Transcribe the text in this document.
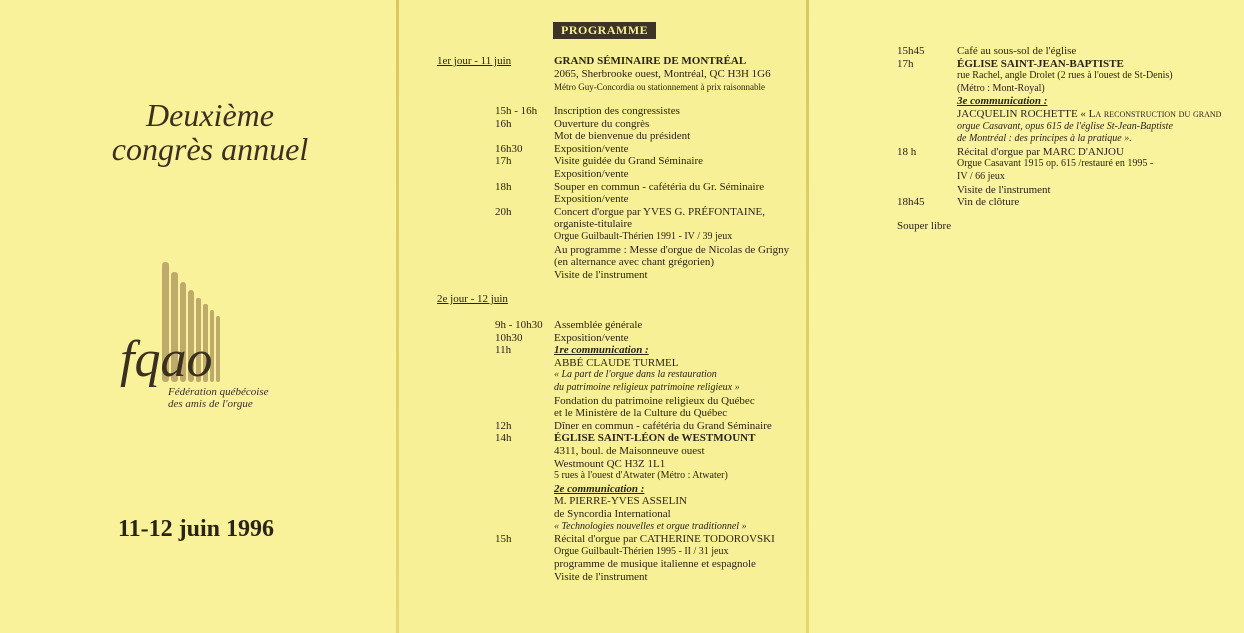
Deuxième
congrès annuel
fqao
Fédération québécoise
des amis de l'orgue
11-12 juin 1996
PROGRAMME
1er jour - 11 juin	GRAND SÉMINAIRE DE MONTRÉAL
2065, Sherbrooke ouest, Montréal, QC H3H 1G6
Métro Guy-Concordia ou stationnement à prix raisonnable
15h - 16h Inscription des congressistes
16h	Ouverture du congrès
Mot de bienvenue du président
16h30	Exposition/vente
17h	Visite guidée du Grand Séminaire
Exposition/vente
18h	Souper en commun - cafétéria du Gr. Séminaire
Exposition/vente
20h	Concert d'orgue par YVES G. PRÉFONTAINE,
organiste-titulaire
Orgue Guilbault-Thérien 1991 - IV / 39 jeux
Au programme : Messe d'orgue de Nicolas de Grigny
(en alternance avec chant grégorien)
Visite de l'instrument
2e jour - 12 juin
9h - 10h30 Assemblée générale
10h30	Exposition/vente
11h	1re communication :
ABBÉ CLAUDE TURMEL
« La part de l'orgue dans la restauration
du patrimoine religieux patrimoine religieux »
Fondation du patrimoine religieux du Québec
et le Ministère de la Culture du Québec
12h	Dîner en commun - cafétéria du Grand Séminaire
14h	ÉGLISE SAINT-LÉON de WESTMOUNT
4311, boul. de Maisonneuve ouest
Westmount QC H3Z 1L1
5 rues à l'ouest d'Atwater (Métro : Atwater)
2e communication :
M. PIERRE-YVES ASSELIN
de Syncordia International
« Technologies nouvelles et orgue traditionnel »
15h	Récital d'orgue par CATHERINE TODOROVSKI
Orgue Guilbault-Thérien 1995 - II / 31 jeux
programme de musique italienne et espagnole
Visite de l'instrument
15h45	Café au sous-sol de l'église
17h	ÉGLISE SAINT-JEAN-BAPTISTE
rue Rachel, angle Drolet (2 rues à l'ouest de St-Denis)
(Métro : Mont-Royal)
3e communication :
JACQUELIN ROCHETTE « La reconstruction du grand
orgue Casavant, opus 615 de l'église St-Jean-Baptiste
de Montréal : des principes à la pratique ».
18 h	Récital d'orgue par MARC D'ANJOU
Orgue Casavant 1915 op. 615 /restauré en 1995 -
IV / 66 jeux
Visite de l'instrument
18h45	Vin de clôture
Souper libre
